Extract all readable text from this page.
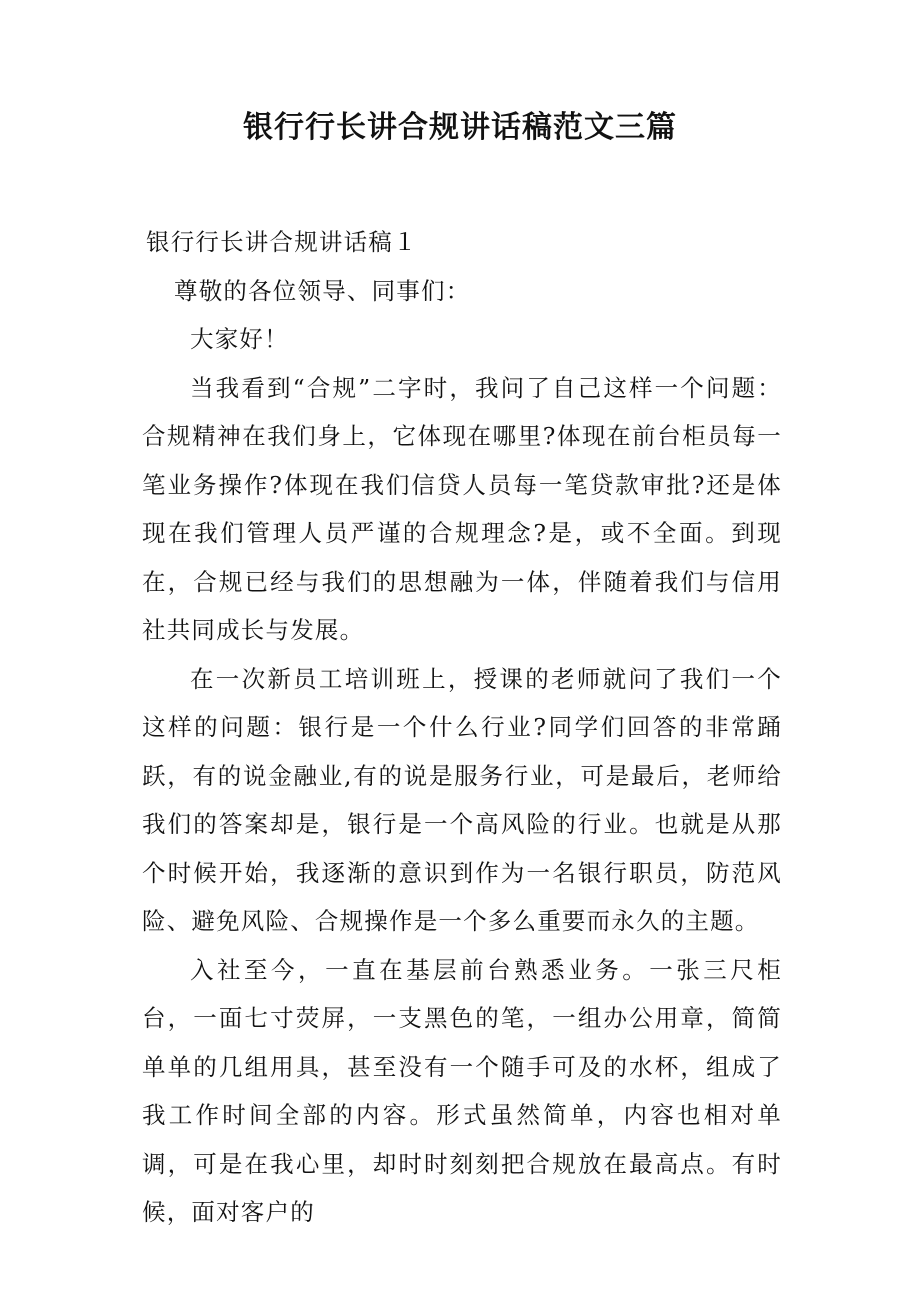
银行行长讲合规讲话稿范文三篇

银行行长讲合规讲话稿１

尊敬的各位领导、同事们：

大家好！

当我看到“合规”二字时，我问了自己这样一个问题：合规精神在我们身上，它体现在哪里?体现在前台柜员每一笔业务操作?体现在我们信贷人员每一笔贷款审批?还是体现在我们管理人员严谨的合规理念?是，或不全面。到现在，合规已经与我们的思想融为一体，伴随着我们与信用社共同成长与发展。

在一次新员工培训班上，授课的老师就问了我们一个这样的问题：银行是一个什么行业?同学们回答的非常踊跃，有的说金融业,有的说是服务行业，可是最后，老师给我们的答案却是，银行是一个高风险的行业。也就是从那个时候开始，我逐渐的意识到作为一名银行职员，防范风险、避免风险、合规操作是一个多么重要而永久的主题。

入社至今，一直在基层前台熟悉业务。一张三尺柜台，一面七寸荧屏，一支黑色的笔，一组办公用章，简简单单的几组用具，甚至没有一个随手可及的水杯，组成了我工作时间全部的内容。形式虽然简单，内容也相对单调，可是在我心里，却时时刻刻把合规放在最高点。有时候，面对客户的
